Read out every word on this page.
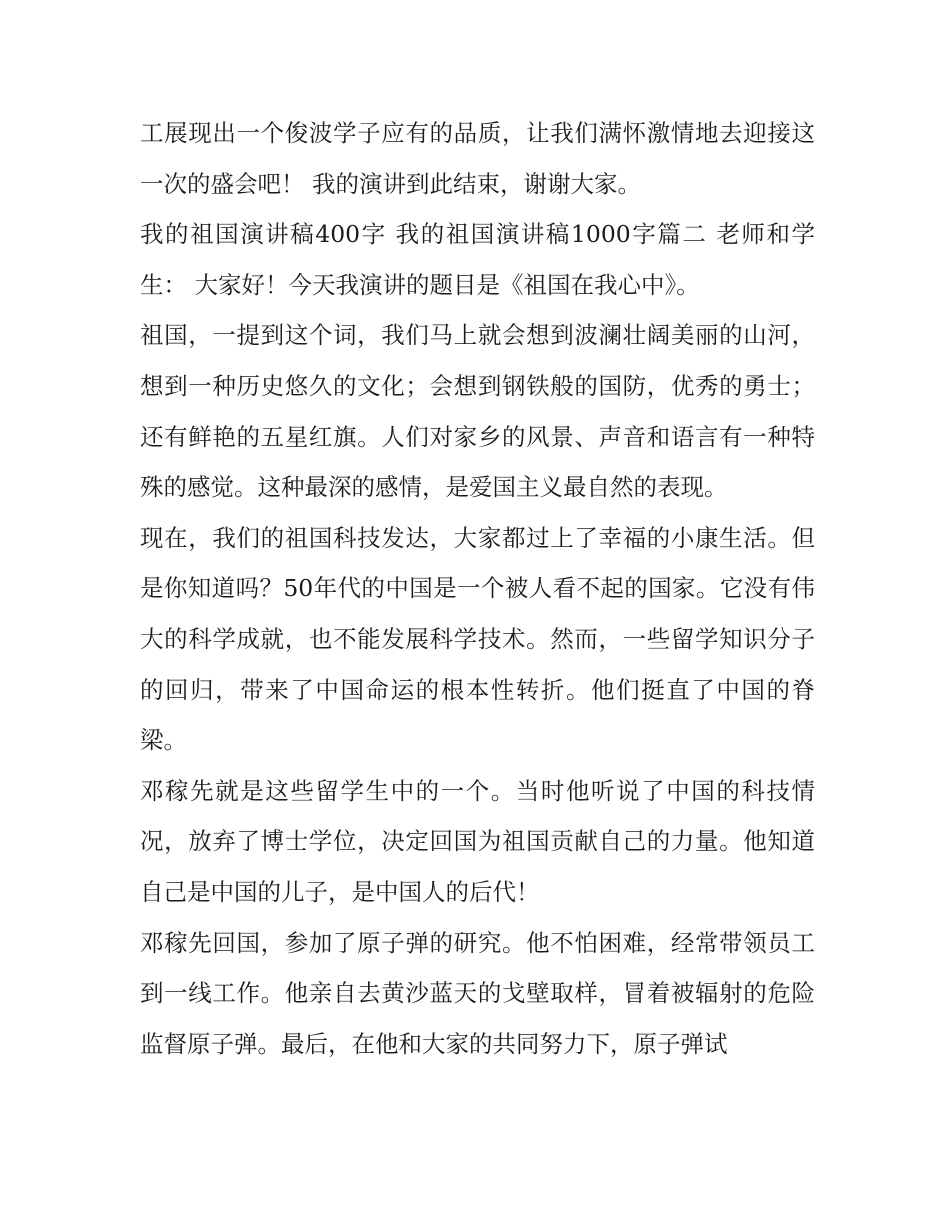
工展现出一个俊波学子应有的品质，让我们满怀激情地去迎接这一次的盛会吧！ 我的演讲到此结束，谢谢大家。

我的祖国演讲稿400字 我的祖国演讲稿1000字篇二 老师和学生： 大家好！今天我演讲的题目是《祖国在我心中》。

祖国，一提到这个词，我们马上就会想到波澜壮阔美丽的山河，想到一种历史悠久的文化；会想到钢铁般的国防，优秀的勇士；还有鲜艳的五星红旗。人们对家乡的风景、声音和语言有一种特殊的感觉。这种最深的感情，是爱国主义最自然的表现。

现在，我们的祖国科技发达，大家都过上了幸福的小康生活。但是你知道吗？50年代的中国是一个被人看不起的国家。它没有伟大的科学成就，也不能发展科学技术。然而，一些留学知识分子的回归，带来了中国命运的根本性转折。他们挺直了中国的脊梁。

邓稼先就是这些留学生中的一个。当时他听说了中国的科技情况，放弃了博士学位，决定回国为祖国贡献自己的力量。他知道自己是中国的儿子，是中国人的后代！

邓稼先回国，参加了原子弹的研究。他不怕困难，经常带领员工到一线工作。他亲自去黄沙蓝天的戈壁取样，冒着被辐射的危险监督原子弹。最后，在他和大家的共同努力下，原子弹试
